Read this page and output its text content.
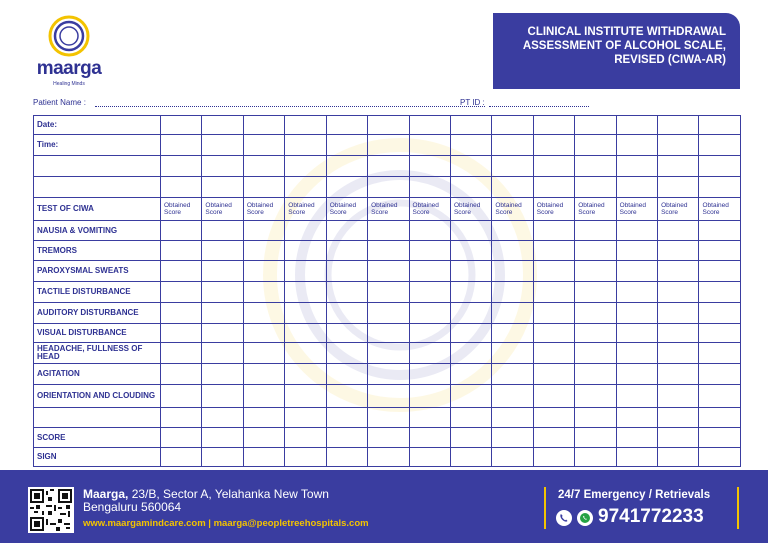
maarga
Healing Minds
CLINICAL INSTITUTE WITHDRAWAL ASSESSMENT OF ALCOHOL SCALE, REVISED (CIWA-AR)
Patient Name :	PT ID :
Date:														
Time:														

TEST OF CIWA	Obtained Score	Obtained Score	Obtained Score	Obtained Score	Obtained Score	Obtained Score	Obtained Score	Obtained Score	Obtained Score	Obtained Score	Obtained Score	Obtained Score	Obtained Score	Obtained Score
NAUSIA & VOMITING														
TREMORS														
PAROXYSMAL SWEATS														
TACTILE DISTURBANCE														
AUDITORY DISTURBANCE														
VISUAL DISTURBANCE														
HEADACHE, FULLNESS OF HEAD														
AGITATION														
ORIENTATION AND CLOUDING														

SCORE														
SIGN														
Maarga, 23/B, Sector A, Yelahanka New Town
Bengaluru 560064
www.maargamindcare.com | maarga@peopletreehospitals.com
24/7 Emergency / Retrievals
9741772233
